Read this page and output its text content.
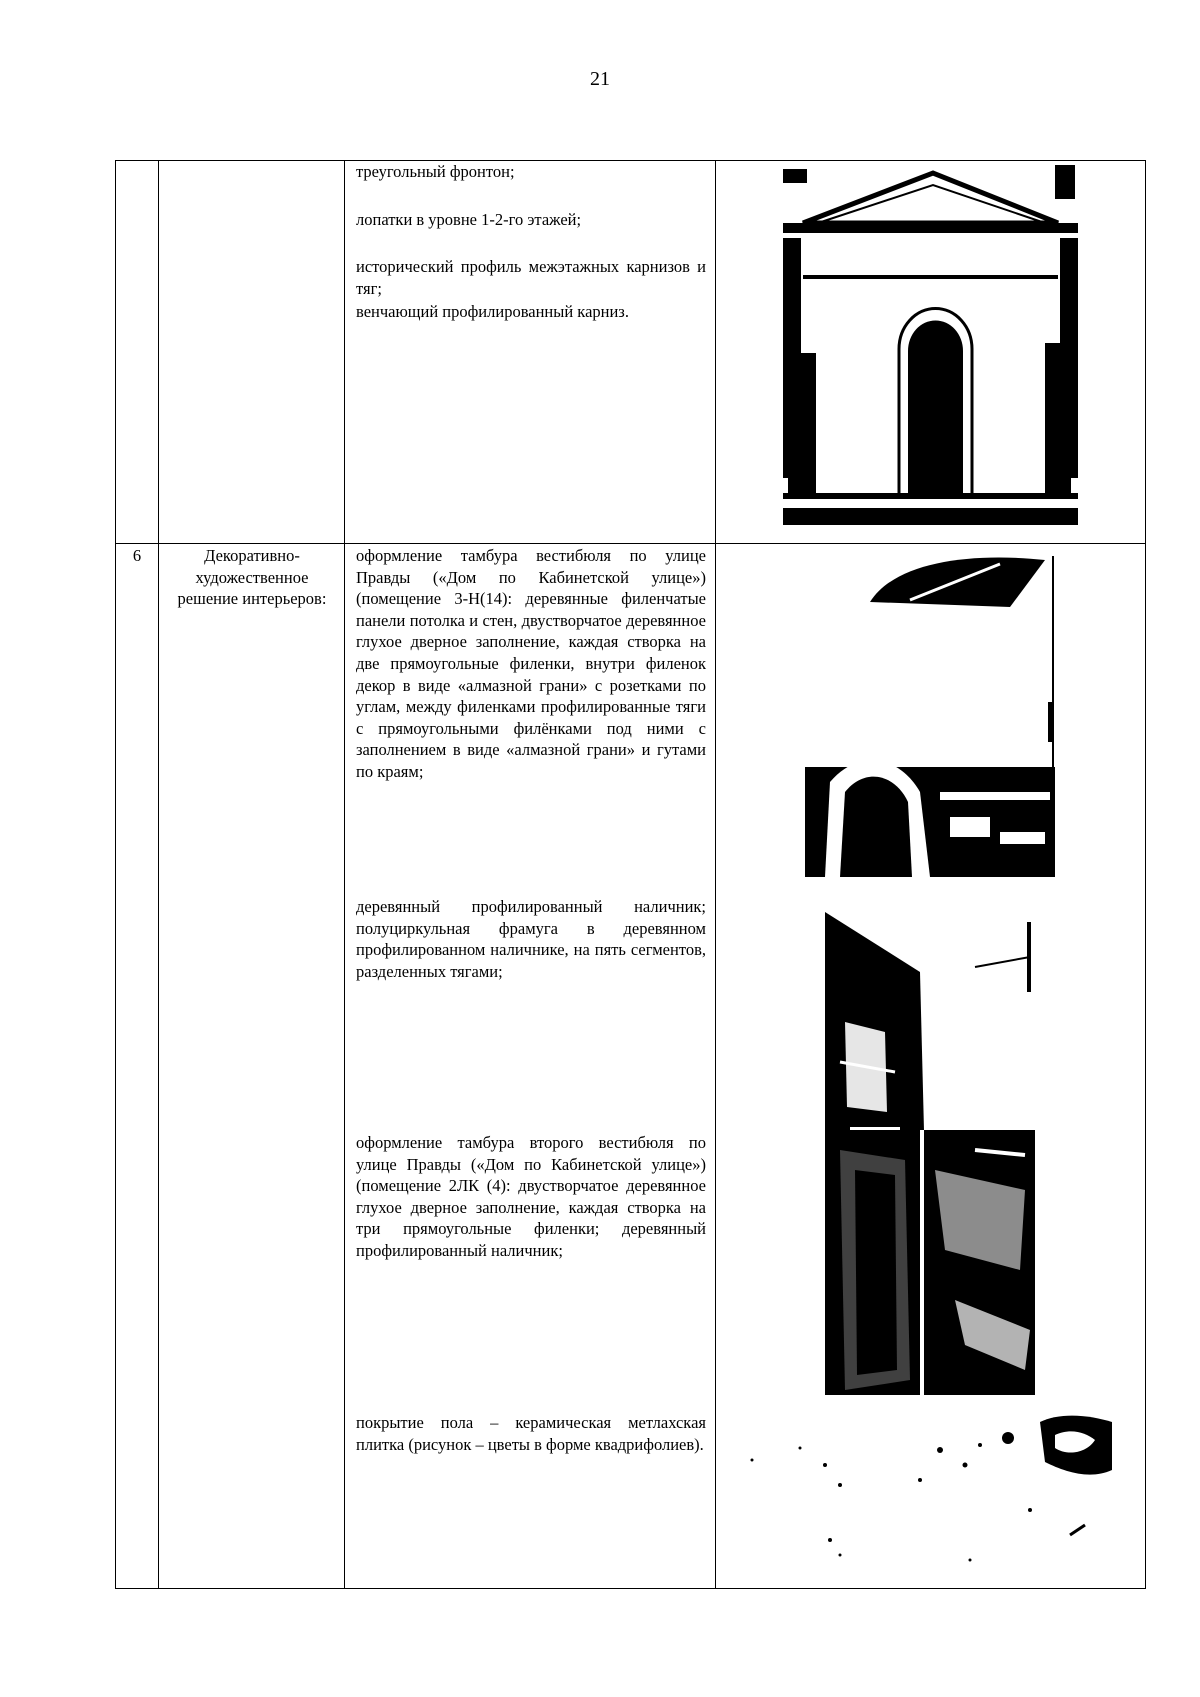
21
треугольный фронтон;
лопатки в уровне 1-2-го этажей;
исторический профиль межэтажных карнизов и тяг;
венчающий профилированный карниз.
6	Декоративно-художественное решение интерьеров:
оформление тамбура вестибюля по улице Правды («Дом по Кабинетской улице») (помещение 3-Н(14): деревянные филенчатые панели потолка и стен, двустворчатое деревянное глухое дверное заполнение, каждая створка на две прямоугольные филенки, внутри филенок декор в виде «алмазной грани» с розетками по углам, между филенками профилированные тяги с прямоугольными филёнками под ними с заполнением в виде «алмазной грани» и гутами по краям;
деревянный профилированный наличник; полуциркульная фрамуга в деревянном профилированном наличнике, на пять сегментов, разделенных тягами;
оформление тамбура второго вестибюля по улице Правды («Дом по Кабинетской улице») (помещение 2ЛК (4): двустворчатое деревянное глухое дверное заполнение, каждая створка на три прямоугольные филенки; деревянный профилированный наличник;
покрытие пола – керамическая метлахская плитка (рисунок – цветы в форме квадрифолиев).
